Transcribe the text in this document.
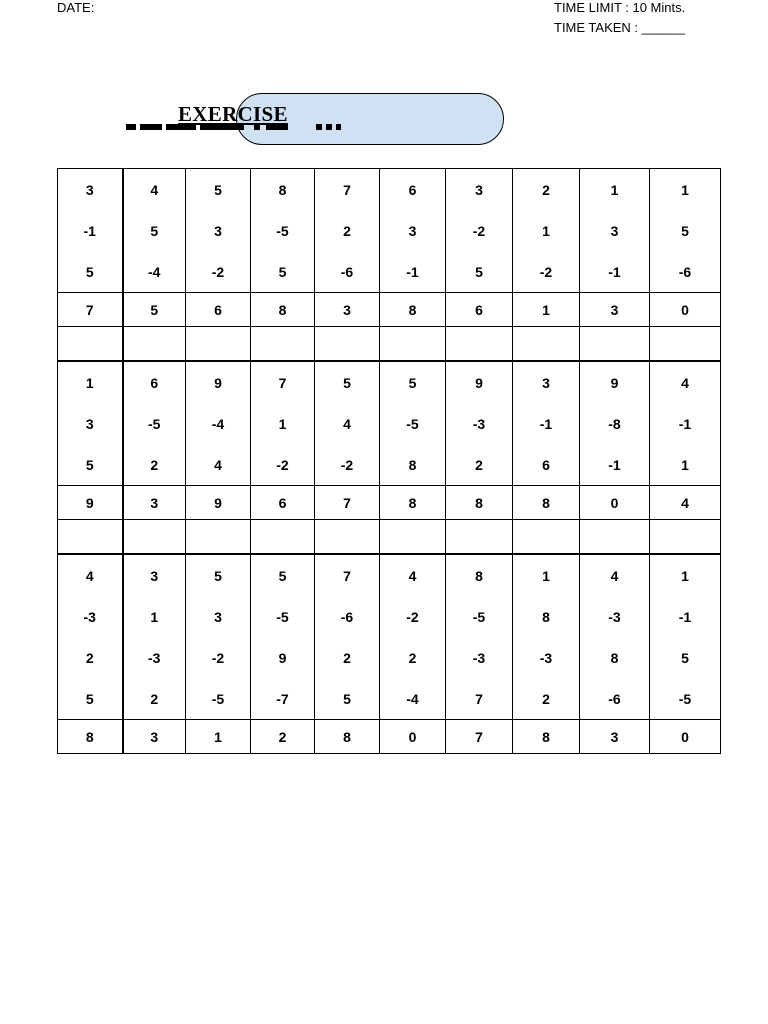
DATE:	TIME LIMIT : 10 Mints.
TIME TAKEN : ______
EXERCISE
3	4	5	8	7	6	3	2	1	1
-1	5	3	-5	2	3	-2	1	3	5
5	-4	-2	5	-6	-1	5	-2	-1	-6
7	5	6	8	3	8	6	1	3	0

1	6	9	7	5	5	9	3	9	4
3	-5	-4	1	4	-5	-3	-1	-8	-1
5	2	4	-2	-2	8	2	6	-1	1
9	3	9	6	7	8	8	8	0	4

4	3	5	5	7	4	8	1	4	1
-3	1	3	-5	-6	-2	-5	8	-3	-1
2	-3	-2	9	2	2	-3	-3	8	5
5	2	-5	-7	5	-4	7	2	-6	-5
8	3	1	2	8	0	7	8	3	0
